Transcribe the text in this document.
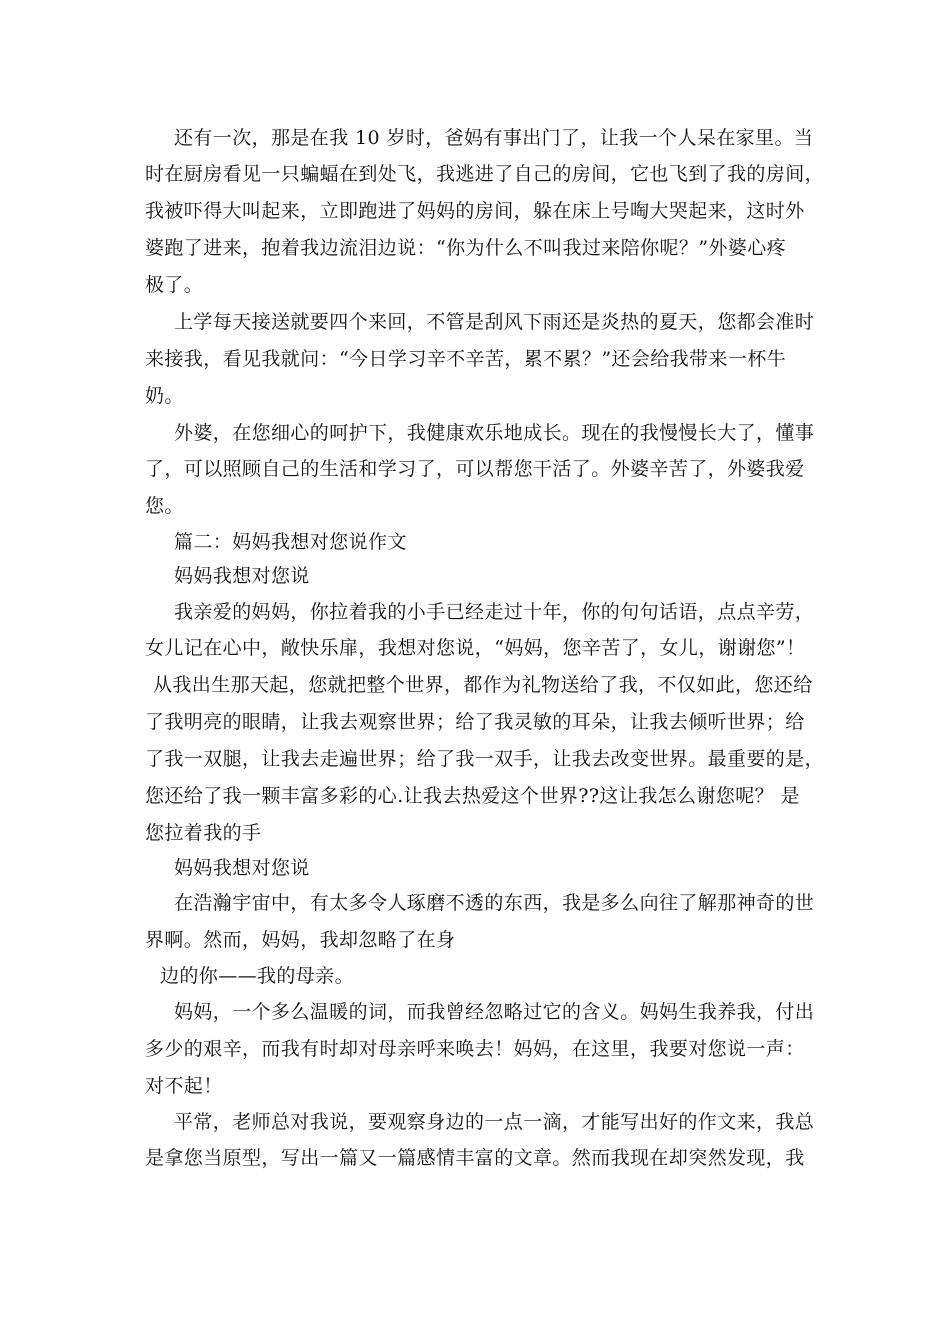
还有一次，那是在我 10 岁时，爸妈有事出门了，让我一个人呆在家里。当
时在厨房看见一只蝙蝠在到处飞，我逃进了自己的房间，它也飞到了我的房间，
我被吓得大叫起来，立即跑进了妈妈的房间，躲在床上号啕大哭起来，这时外
婆跑了进来，抱着我边流泪边说：“你为什么不叫我过来陪你呢？”外婆心疼
极了。
上学每天接送就要四个来回，不管是刮风下雨还是炎热的夏天，您都会准时
来接我，看见我就问：“今日学习辛不辛苦，累不累？”还会给我带来一杯牛
奶。
外婆，在您细心的呵护下，我健康欢乐地成长。现在的我慢慢长大了，懂事
了，可以照顾自己的生活和学习了，可以帮您干活了。外婆辛苦了，外婆我爱
您。
篇二：妈妈我想对您说作文
妈妈我想对您说
我亲爱的妈妈，你拉着我的小手已经走过十年，你的句句话语，点点辛劳，
女儿记在心中，敞快乐扉，我想对您说，“妈妈，您辛苦了，女儿，谢谢您”！
从我出生那天起，您就把整个世界，都作为礼物送给了我，不仅如此，您还给
了我明亮的眼睛，让我去观察世界；给了我灵敏的耳朵，让我去倾听世界；给
了我一双腿，让我去走遍世界；给了我一双手，让我去改变世界。最重要的是，
您还给了我一颗丰富多彩的心.让我去热爱这个世界??这让我怎么谢您呢？ 是
您拉着我的手
妈妈我想对您说
在浩瀚宇宙中，有太多令人琢磨不透的东西，我是多么向往了解那神奇的世
界啊。然而，妈妈，我却忽略了在身
边的你——我的母亲。
妈妈，一个多么温暖的词，而我曾经忽略过它的含义。妈妈生我养我，付出
多少的艰辛，而我有时却对母亲呼来唤去！妈妈，在这里，我要对您说一声：
对不起！
平常，老师总对我说，要观察身边的一点一滴，才能写出好的作文来，我总
是拿您当原型，写出一篇又一篇感情丰富的文章。然而我现在却突然发现，我
